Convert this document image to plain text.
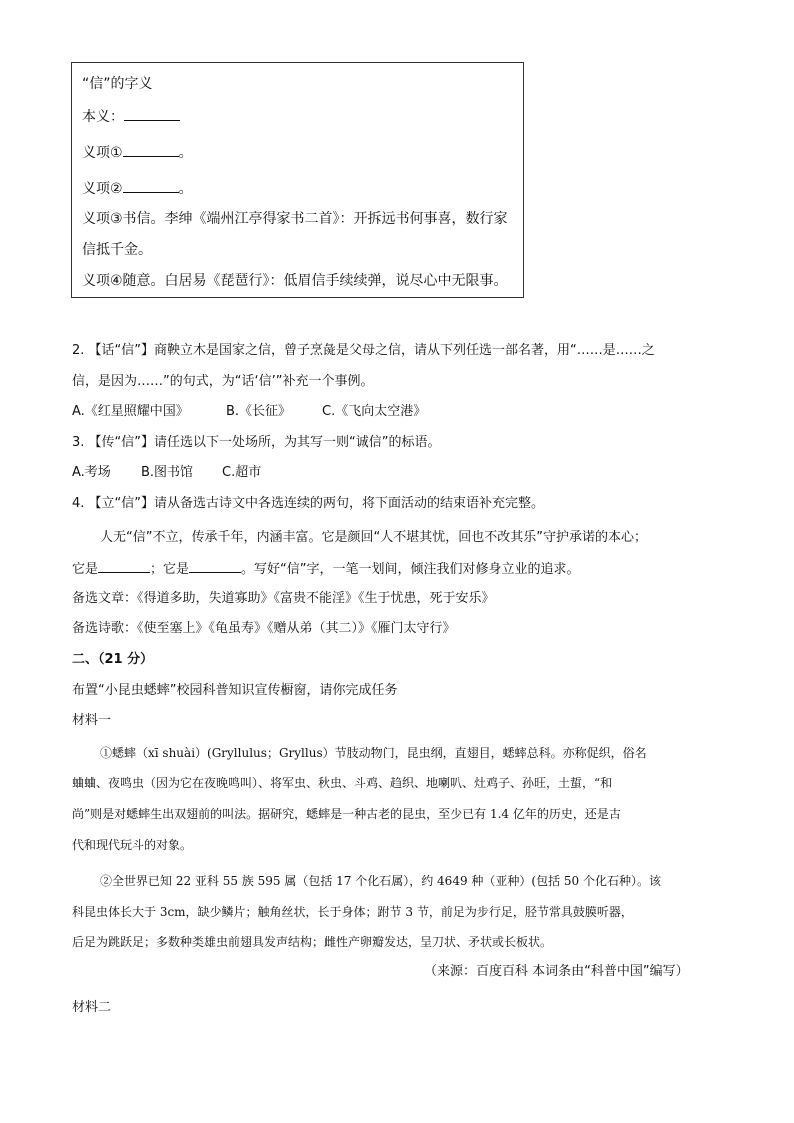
“信”的字义
本义：
义项①	。
义项②	。
义项③书信。李绅《端州江亭得家书二首》：开拆远书何事喜，数行家
信抵千金。
义项④随意。白居易《琵琶行》：低眉信手续续弹，说尽心中无限事。
2. 【话“信”】商鞅立木是国家之信，曾子烹彘是父母之信，请从下列任选一部名著，用“……是……之
信，是因为……”的句式，为“话‘信’”补充一个事例。
A.《红星照耀中国》	B.《长征》 C.《飞向太空港》
3. 【传“信”】请任选以下一处场所，为其写一则“诚信”的标语。
A.考场 B.图书馆 C.超市
4. 【立“信”】请从备选古诗文中各选连续的两句，将下面活动的结束语补充完整。
人无“信”不立，传承千年，内涵丰富。它是颜回“人不堪其忧，回也不改其乐”守护承诺的本心；
它是	；它是	。写好“信”字，一笔一划间，倾注我们对修身立业的追求。
备选文章：《得道多助，失道寡助》《富贵不能淫》《生于忧患，死于安乐》
备选诗歌：《使至塞上》《龟虽寿》《赠从弟（其二）》《雁门太守行》
二、（21 分）
布置“小昆虫蟋蟀”校园科普知识宣传橱窗，请你完成任务
材料一
①蟋蟀（xī shuài）(Gryllulus；Gryllus）节肢动物门，昆虫纲，直翅目，蟋蟀总科。亦称促织，俗名
蛐蛐、夜鸣虫（因为它在夜晚鸣叫）、将军虫、秋虫、斗鸡、趋织、地喇叭、灶鸡子、孙旺，土蜇，“和
尚”则是对蟋蟀生出双翅前的叫法。据研究，蟋蟀是一种古老的昆虫，至少已有 1.4 亿年的历史，还是古
代和现代玩斗的对象。
②全世界已知 22 亚科 55 族 595 属（包括 17 个化石属），约 4649 种（亚种）(包括 50 个化石种）。该
科昆虫体长大于 3cm，缺少鳞片；触角丝状，长于身体；跗节 3 节，前足为步行足，胫节常具鼓膜听器，
后足为跳跃足；多数种类雄虫前翅具发声结构；雌性产卵瓣发达，呈刀状、矛状或长板状。
（来源：百度百科 本词条由“科普中国”编写）
材料二
